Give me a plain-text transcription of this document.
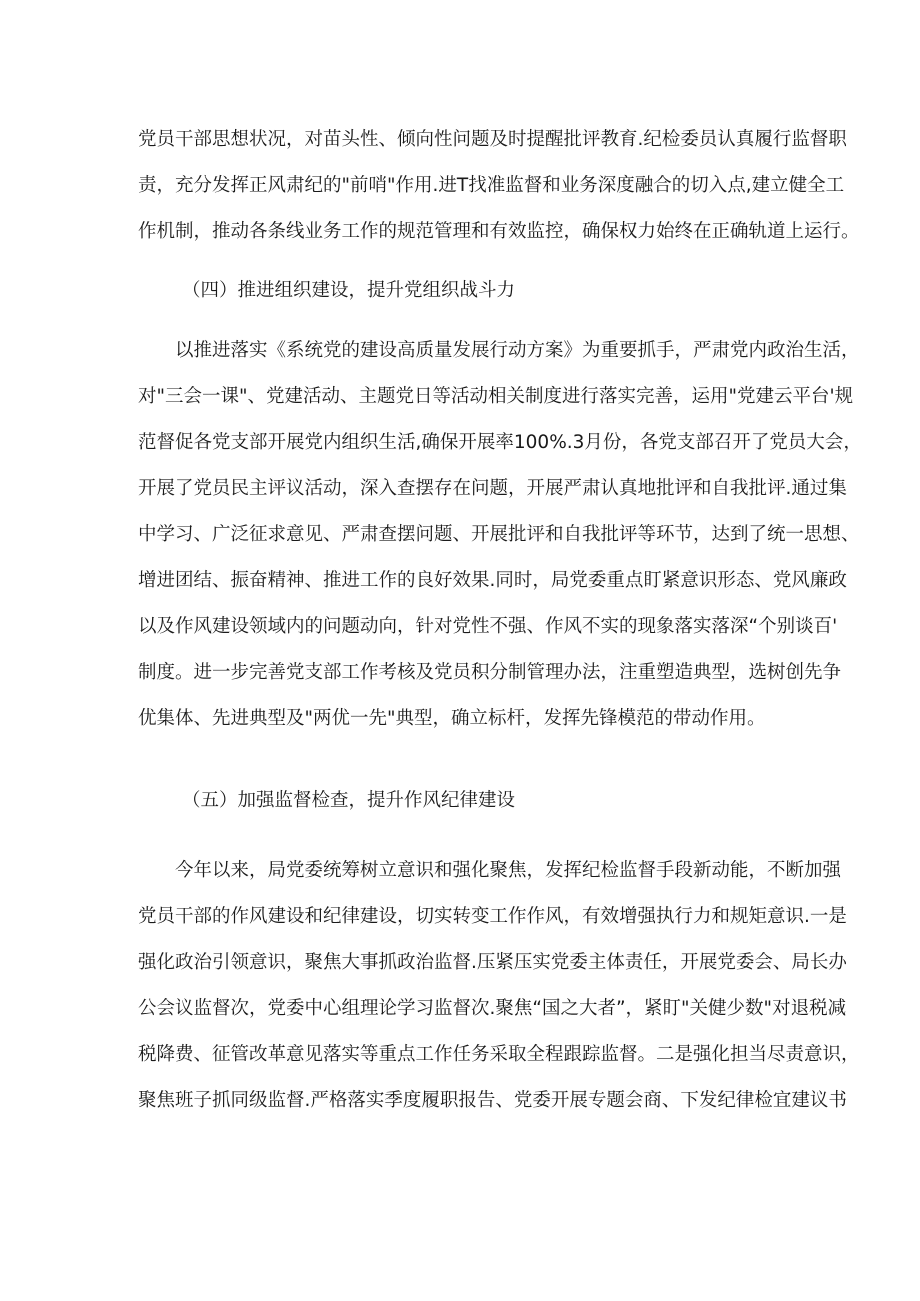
党员干部思想状况，对苗头性、倾向性问题及时提醒批评教育.纪检委员认真履行监督职
责，充分发挥正风肃纪的"前哨"作用.进T找准监督和业务深度融合的切入点,建立健全工
作机制，推动各条线业务工作的规范管理和有效监控，确保权力始终在正确轨道上运行。
（四）推进组织建设，提升党组织战斗力
以推进落实《系统党的建设高质量发展行动方案》为重要抓手，严肃党内政治生活，
对"三会一课"、党建活动、主题党日等活动相关制度进行落实完善，运用"党建云平台'规
范督促各党支部开展党内组织生活,确保开展率100%.3月份，各党支部召开了党员大会，
开展了党员民主评议活动，深入查摆存在问题，开展严肃认真地批评和自我批评.通过集
中学习、广泛征求意见、严肃查摆问题、开展批评和自我批评等环节，达到了统一思想、
增进团结、振奋精神、推进工作的良好效果.同时，局党委重点盯紧意识形态、党风廉政
以及作风建设领域内的问题动向，针对党性不强、作风不实的现象落实落深“个别谈百'
制度。进一步完善党支部工作考核及党员积分制管理办法，注重塑造典型，选树创先争
优集体、先进典型及"两优一先"典型，确立标杆，发挥先锋模范的带动作用。
（五）加强监督检查，提升作风纪律建设
今年以来，局党委统筹树立意识和强化聚焦，发挥纪检监督手段新动能，不断加强
党员干部的作风建设和纪律建设，切实转变工作作风，有效增强执行力和规矩意识.一是
强化政治引领意识，聚焦大事抓政治监督.压紧压实党委主体责任，开展党委会、局长办
公会议监督次，党委中心组理论学习监督次.聚焦“国之大者”，紧盯"关健少数"对退税减
税降费、征管改革意见落实等重点工作任务采取全程跟踪监督。二是强化担当尽责意识，
聚焦班子抓同级监督.严格落实季度履职报告、党委开展专题会商、下发纪律检宜建议书
